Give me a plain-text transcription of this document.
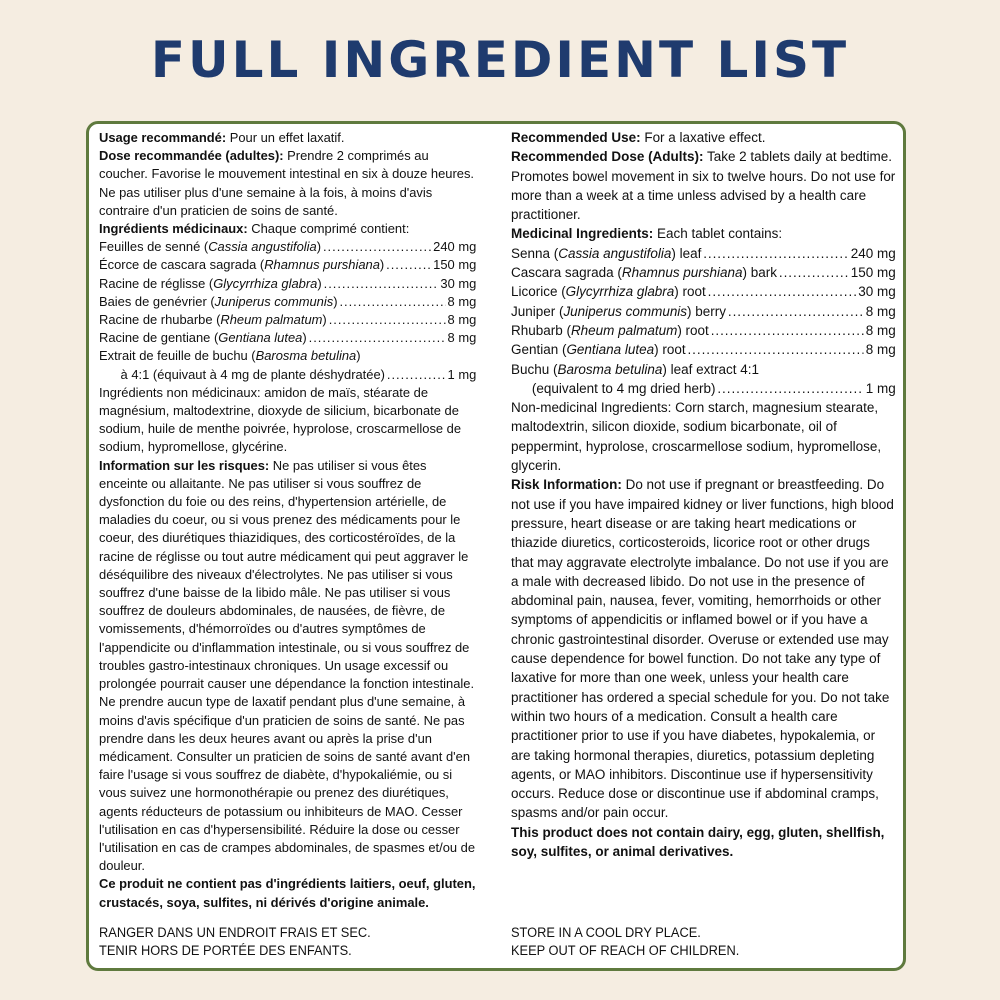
FULL INGREDIENT LIST

Usage recommandé: Pour un effet laxatif.

Dose recommandée (adultes): Prendre 2 comprimés au coucher. Favorise le mouvement intestinal en six à douze heures. Ne pas utiliser plus d'une semaine à la fois, à moins d'avis contraire d'un praticien de soins de santé.

Ingrédients médicinaux: Chaque comprimé contient:

Feuilles de senné (Cassia angustifolia) .....	240 mg
Écorce de cascara sagrada (Rhamnus purshiana) .....	150 mg
Racine de réglisse (Glycyrrhiza glabra) .....	30 mg
Baies de genévrier (Juniperus communis) .....	8 mg
Racine de rhubarbe (Rheum palmatum) .....	8 mg
Racine de gentiane (Gentiana lutea) .....	8 mg

Extrait de feuille de buchu (Barosma betulina)

à 4:1 (équivaut à 4 mg de plante déshydratée) .....	1 mg

Ingrédients non médicinaux: amidon de maïs, stéarate de magnésium, maltodextrine, dioxyde de silicium, bicarbonate de sodium, huile de menthe poivrée, hyprolose, croscarmellose de sodium, hypromellose, glycérine.

Information sur les risques: Ne pas utiliser si vous êtes enceinte ou allaitante. Ne pas utiliser si vous souffrez de dysfonction du foie ou des reins, d'hypertension artérielle, de maladies du coeur, ou si vous prenez des médicaments pour le coeur, des diurétiques thiazidiques, des corticostéroïdes, de la racine de réglisse ou tout autre médicament qui peut aggraver le déséquilibre des niveaux d'électrolytes. Ne pas utiliser si vous souffrez d'une baisse de la libido mâle. Ne pas utiliser si vous souffrez de douleurs abdominales, de nausées, de fièvre, de vomissements, d'hémorroïdes ou d'autres symptômes de l'appendicite ou d'inflammation intestinale, ou si vous souffrez de troubles gastro-intestinaux chroniques. Un usage excessif ou prolongée pourrait causer une dépendance la fonction intestinale. Ne prendre aucun type de laxatif pendant plus d'une semaine, à moins d'avis spécifique d'un praticien de soins de santé. Ne pas prendre dans les deux heures avant ou après la prise d'un médicament. Consulter un praticien de soins de santé avant d'en faire l'usage si vous souffrez de diabète, d'hypokaliémie, ou si vous suivez une hormonothérapie ou prenez des diurétiques, agents réducteurs de potassium ou inhibiteurs de MAO. Cesser l'utilisation en cas d'hypersensibilité. Réduire la dose ou cesser l'utilisation en cas de crampes abdominales, de spasmes et/ou de douleur.

Ce produit ne contient pas d'ingrédients laitiers, oeuf, gluten, crustacés, soya, sulfites, ni dérivés d'origine animale.

Recommended Use: For a laxative effect.

Recommended Dose (Adults): Take 2 tablets daily at bedtime. Promotes bowel movement in six to twelve hours. Do not use for more than a week at a time unless advised by a health care practitioner.

Medicinal Ingredients: Each tablet contains:

Senna (Cassia angustifolia) leaf .....	240 mg
Cascara sagrada (Rhamnus purshiana) bark .....	150 mg
Licorice (Glycyrrhiza glabra) root .....	30 mg
Juniper (Juniperus communis) berry .....	8 mg
Rhubarb (Rheum palmatum) root .....	8 mg
Gentian (Gentiana lutea) root .....	8 mg

Buchu (Barosma betulina) leaf extract 4:1

(equivalent to 4 mg dried herb) .....	1 mg

Non-medicinal Ingredients: Corn starch, magnesium stearate, maltodextrin, silicon dioxide, sodium bicarbonate, oil of peppermint, hyprolose, croscarmellose sodium, hypromellose, glycerin.

Risk Information: Do not use if pregnant or breastfeeding. Do not use if you have impaired kidney or liver functions, high blood pressure, heart disease or are taking heart medications or thiazide diuretics, corticosteroids, licorice root or other drugs that may aggravate electrolyte imbalance. Do not use if you are a male with decreased libido. Do not use in the presence of abdominal pain, nausea, fever, vomiting, hemorrhoids or other symptoms of appendicitis or inflamed bowel or if you have a chronic gastrointestinal disorder. Overuse or extended use may cause dependence for bowel function. Do not take any type of laxative for more than one week, unless your health care practitioner has ordered a special schedule for you. Do not take within two hours of a medication. Consult a health care practitioner prior to use if you have diabetes, hypokalemia, or are taking hormonal therapies, diuretics, potassium depleting agents, or MAO inhibitors. Discontinue use if hypersensitivity occurs. Reduce dose or discontinue use if abdominal cramps, spasms and/or pain occur.

This product does not contain dairy, egg, gluten, shellfish, soy, sulfites, or animal derivatives.

RANGER DANS UN ENDROIT FRAIS ET SEC.
TENIR HORS DE PORTÉE DES ENFANTS.
STORE IN A COOL DRY PLACE.
KEEP OUT OF REACH OF CHILDREN.
